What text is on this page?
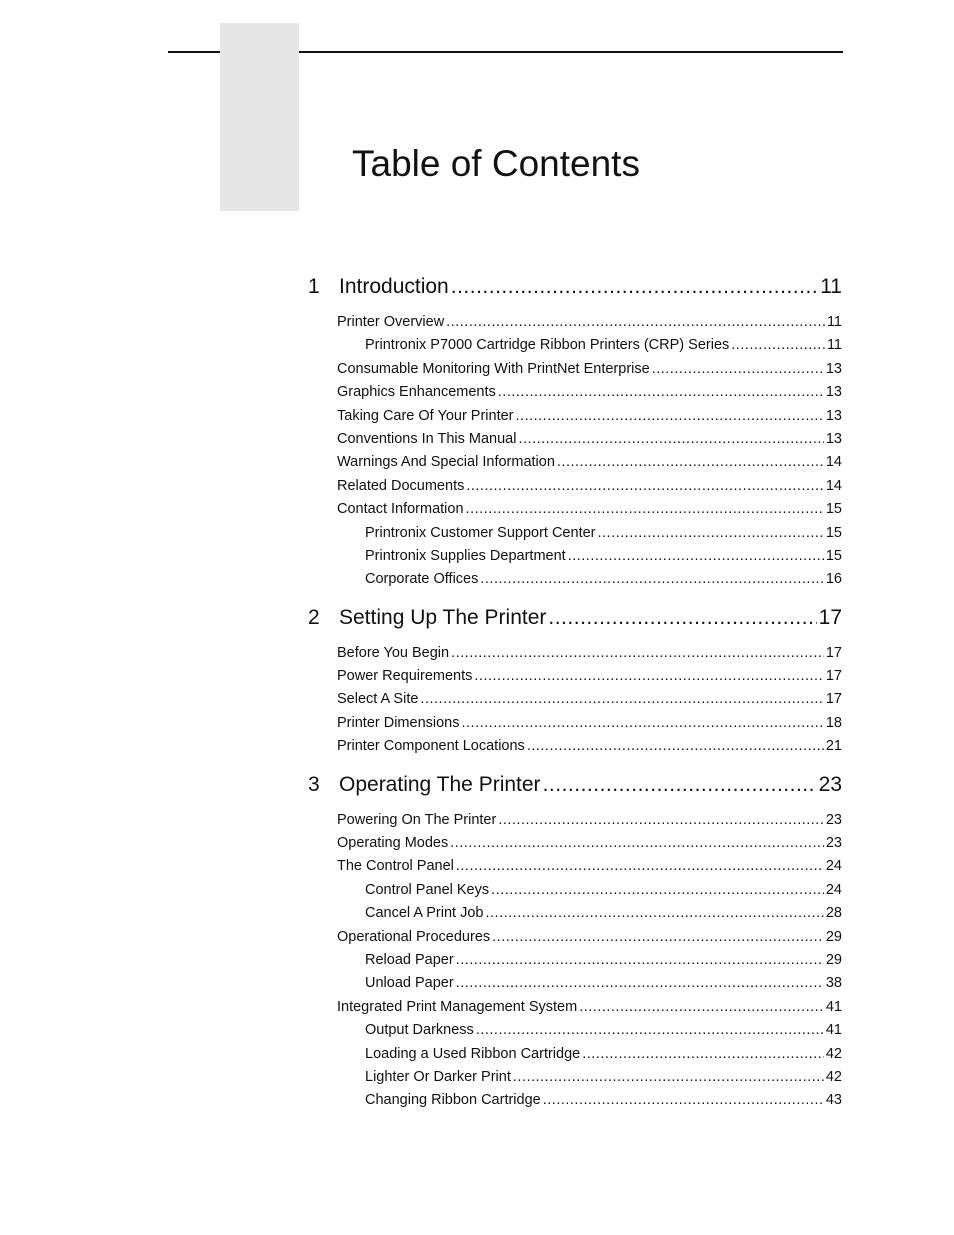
Table of Contents
1 Introduction .....	11
Printer Overview .....	11
Printronix P7000 Cartridge Ribbon Printers (CRP) Series .....	11
Consumable Monitoring With PrintNet Enterprise .....	13
Graphics Enhancements .....	13
Taking Care Of Your Printer .....	13
Conventions In This Manual .....	13
Warnings And Special Information .....	14
Related Documents .....	14
Contact Information .....	15
Printronix Customer Support Center .....	15
Printronix Supplies Department .....	15
Corporate Offices .....	16
2 Setting Up The Printer .....	17
Before You Begin .....	17
Power Requirements .....	17
Select A Site .....	17
Printer Dimensions .....	18
Printer Component Locations .....	21
3 Operating The Printer .....	23
Powering On The Printer .....	23
Operating Modes .....	23
The Control Panel .....	24
Control Panel Keys .....	24
Cancel A Print Job .....	28
Operational Procedures .....	29
Reload Paper .....	29
Unload Paper .....	38
Integrated Print Management System .....	41
Output Darkness .....	41
Loading a Used Ribbon Cartridge .....	42
Lighter Or Darker Print .....	42
Changing Ribbon Cartridge .....	43
